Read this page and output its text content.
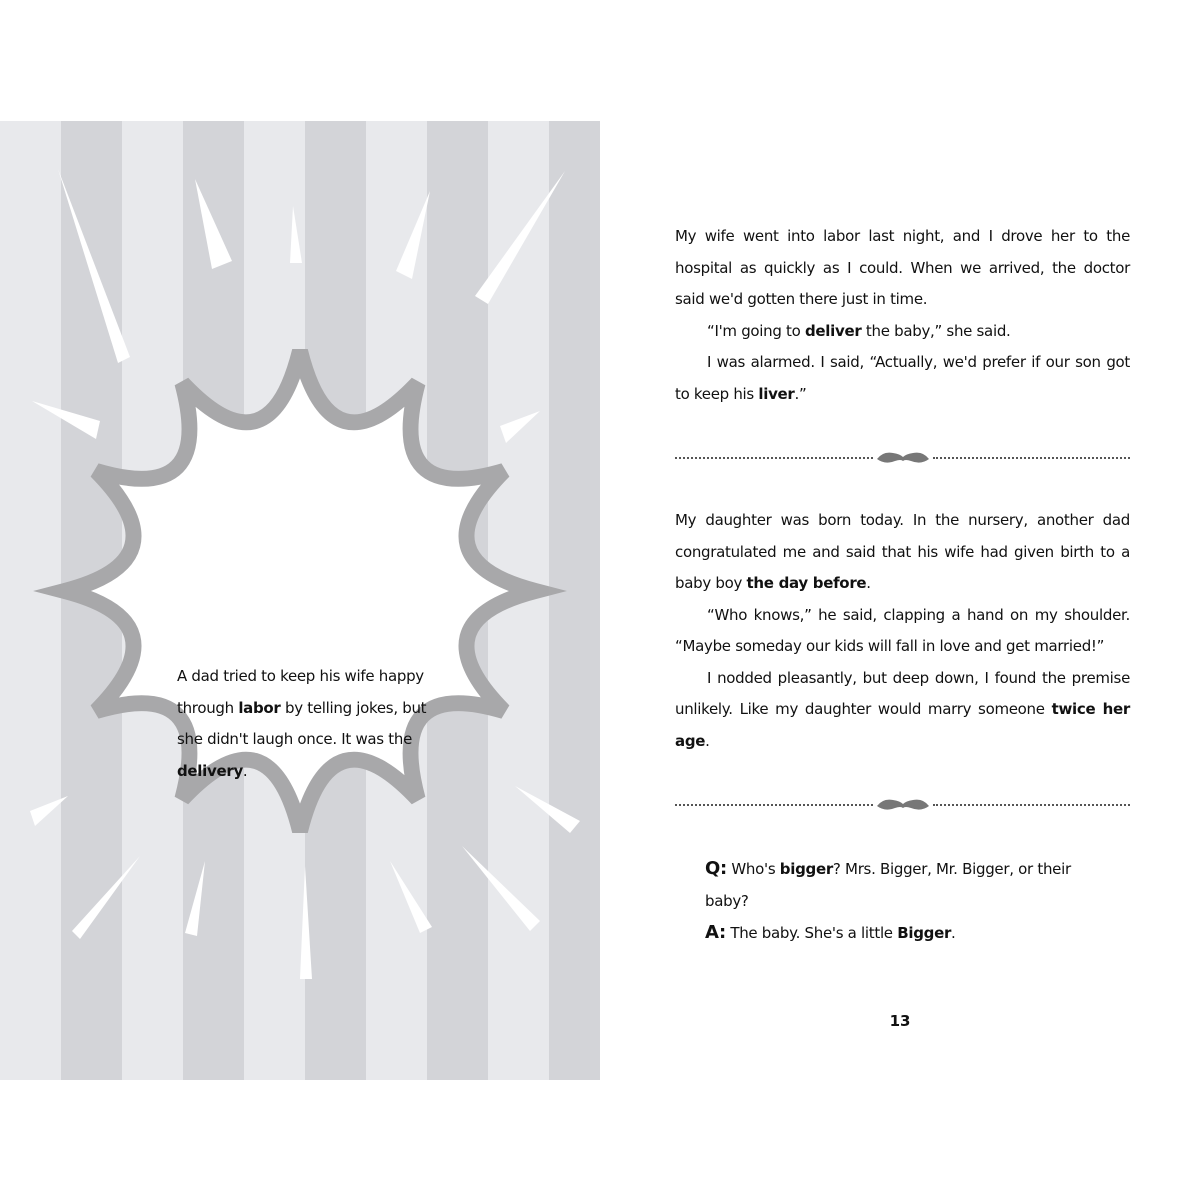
A dad tried to keep his wife happy through labor by telling jokes, but she didn't laugh once. It was the delivery.

My wife went into labor last night, and I drove her to the hospital as quickly as I could. When we arrived, the doctor said we'd gotten there just in time.

“I'm going to deliver the baby,” she said.

I was alarmed. I said, “Actually, we'd prefer if our son got to keep his liver.”

My daughter was born today. In the nursery, another dad congratulated me and said that his wife had given birth to a baby boy the day before.

“Who knows,” he said, clapping a hand on my shoulder. “Maybe someday our kids will fall in love and get married!”

I nodded pleasantly, but deep down, I found the premise unlikely. Like my daughter would marry someone twice her age.

Q: Who's bigger? Mrs. Bigger, Mr. Bigger, or their baby?
A: The baby. She's a little Bigger.
13
